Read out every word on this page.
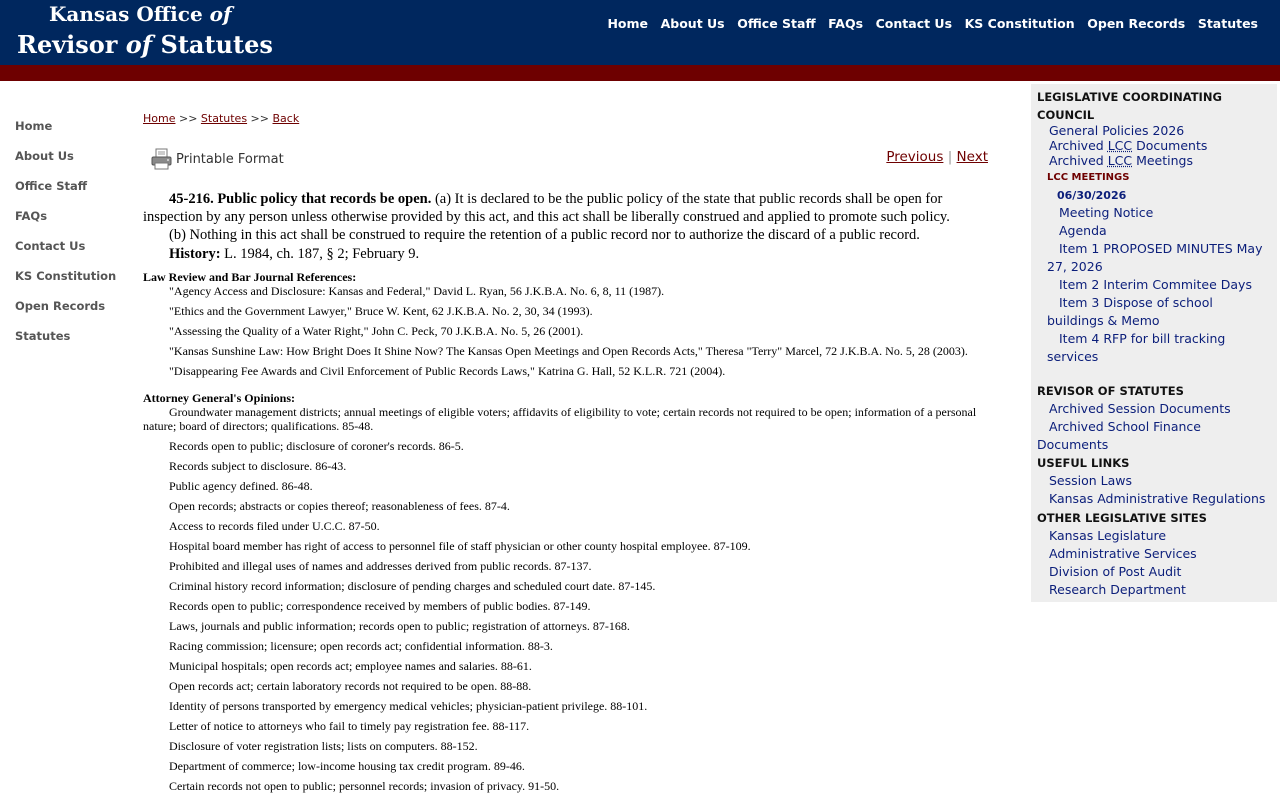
Kansas Office of
Revisor of Statutes
Home About Us Office Staff FAQs Contact Us KS Constitution Open Records Statutes
Home
About Us
Office Staff
FAQs
Contact Us
KS Constitution
Open Records
Statutes
Home >> Statutes >> Back
Printable Format	Previous | Next

45-216. Public policy that records be open. (a) It is declared to be the public policy of the state that public records shall be open for inspection by any person unless otherwise provided by this act, and this act shall be liberally construed and applied to promote such policy.

(b) Nothing in this act shall be construed to require the retention of a public record nor to authorize the discard of a public record.

History: L. 1984, ch. 187, § 2; February 9.

Law Review and Bar Journal References:

"Agency Access and Disclosure: Kansas and Federal," David L. Ryan, 56 J.K.B.A. No. 6, 8, 11 (1987).

"Ethics and the Government Lawyer," Bruce W. Kent, 62 J.K.B.A. No. 2, 30, 34 (1993).

"Assessing the Quality of a Water Right," John C. Peck, 70 J.K.B.A. No. 5, 26 (2001).

"Kansas Sunshine Law: How Bright Does It Shine Now? The Kansas Open Meetings and Open Records Acts," Theresa "Terry" Marcel, 72 J.K.B.A. No. 5, 28 (2003).

"Disappearing Fee Awards and Civil Enforcement of Public Records Laws," Katrina G. Hall, 52 K.L.R. 721 (2004).

Attorney General's Opinions:

Groundwater management districts; annual meetings of eligible voters; affidavits of eligibility to vote; certain records not required to be open; information of a personal nature; board of directors; qualifications. 85-48.

Records open to public; disclosure of coroner's records. 86-5.

Records subject to disclosure. 86-43.

Public agency defined. 86-48.

Open records; abstracts or copies thereof; reasonableness of fees. 87-4.

Access to records filed under U.C.C. 87-50.

Hospital board member has right of access to personnel file of staff physician or other county hospital employee. 87-109.

Prohibited and illegal uses of names and addresses derived from public records. 87-137.

Criminal history record information; disclosure of pending charges and scheduled court date. 87-145.

Records open to public; correspondence received by members of public bodies. 87-149.

Laws, journals and public information; records open to public; registration of attorneys. 87-168.

Racing commission; licensure; open records act; confidential information. 88-3.

Municipal hospitals; open records act; employee names and salaries. 88-61.

Open records act; certain laboratory records not required to be open. 88-88.

Identity of persons transported by emergency medical vehicles; physician-patient privilege. 88-101.

Letter of notice to attorneys who fail to timely pay registration fee. 88-117.

Disclosure of voter registration lists; lists on computers. 88-152.

Department of commerce; low-income housing tax credit program. 89-46.

Certain records not open to public; personnel records; invasion of privacy. 91-50.

LEGISLATIVE COORDINATING
COUNCIL
General Policies 2026
Archived LCC Documents
Archived LCC Meetings
LCC MEETINGS
06/30/2026
Meeting Notice
Agenda
Item 1 PROPOSED MINUTES May
27, 2026
Item 2 Interim Commitee Days
Item 3 Dispose of school
buildings & Memo
Item 4 RFP for bill tracking
services
REVISOR OF STATUTES
Archived Session Documents
Archived School Finance
Documents
USEFUL LINKS
Session Laws
Kansas Administrative Regulations
OTHER LEGISLATIVE SITES
Kansas Legislature
Administrative Services
Division of Post Audit
Research Department
